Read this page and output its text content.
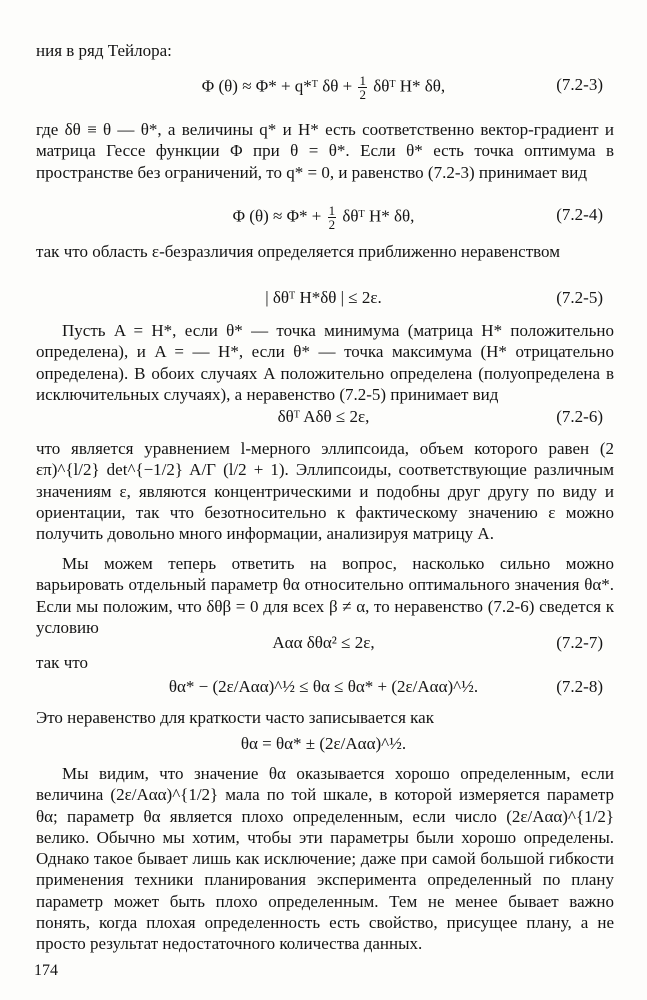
ния в ряд Тейлора:

Φ (θ) ≈ Φ* + q*ᵀ $\delta\theta + \frac{1}{2}$ δθᵀ H* δθ,	(7.2-3)

где δθ ≡ θ — θ*, а величины q* и H* есть соответственно вектор-градиент и матрица Гессе функции Φ при θ = θ*. Если θ* есть точка оптимума в пространстве без ограничений, то q* = 0, и равенство (7.2-3) принимает вид

Φ $(\theta) \approx \Phi* + \frac{1}{2}$ δθᵀ H* δθ,	(7.2-4)

так что область ε-безразличия определяется приближенно неравенством

| δθᵀ H*δθ | ≤ 2ε.	(7.2-5)

Пусть A = H*, если θ* — точка минимума (матрица H* положительно определена), и A = — H*, если θ* — точка максимума (H* отрицательно определена). В обоих случаях A положительно определена (полуопределена в исключительных случаях), а неравенство (7.2-5) принимает вид

δθᵀ Aδθ ≤ 2ε,	(7.2-6)

что является уравнением l-мерного эллипсоида, объем которого равен (2 επ)^{l/2} det^{−1/2} A/Γ (l/2 + 1). Эллипсоиды, соответствующие различным значениям ε, являются концентрическими и подобны друг другу по виду и ориентации, так что безотносительно к фактическому значению ε можно получить довольно много информации, анализируя матрицу A.

Мы можем теперь ответить на вопрос, насколько сильно можно варьировать отдельный параметр θα относительно оптимального значения θα*. Если мы положим, что δθβ = 0 для всех β ≠ α, то неравенство (7.2-6) сведется к условию

Aαα δθα² ≤ 2ε,	(7.2-7)

так что

θα* − (2ε/Aαα)^½ ≤ θα ≤ θα* + (2ε/Aαα)^½.	(7.2-8)

Это неравенство для краткости часто записывается как

θα = θα* ± (2ε/Aαα)^½.

Мы видим, что значение θα оказывается хорошо определенным, если величина (2ε/Aαα)^{1/2} мала по той шкале, в которой измеряется параметр θα; параметр θα является плохо определенным, если число (2ε/Aαα)^{1/2} велико. Обычно мы хотим, чтобы эти параметры были хорошо определены. Однако такое бывает лишь как исключение; даже при самой большой гибкости применения техники планирования эксперимента определенный по плану параметр может быть плохо определенным. Тем не менее бывает важно понять, когда плохая определенность есть свойство, присущее плану, а не просто результат недостаточного количества данных.

174
